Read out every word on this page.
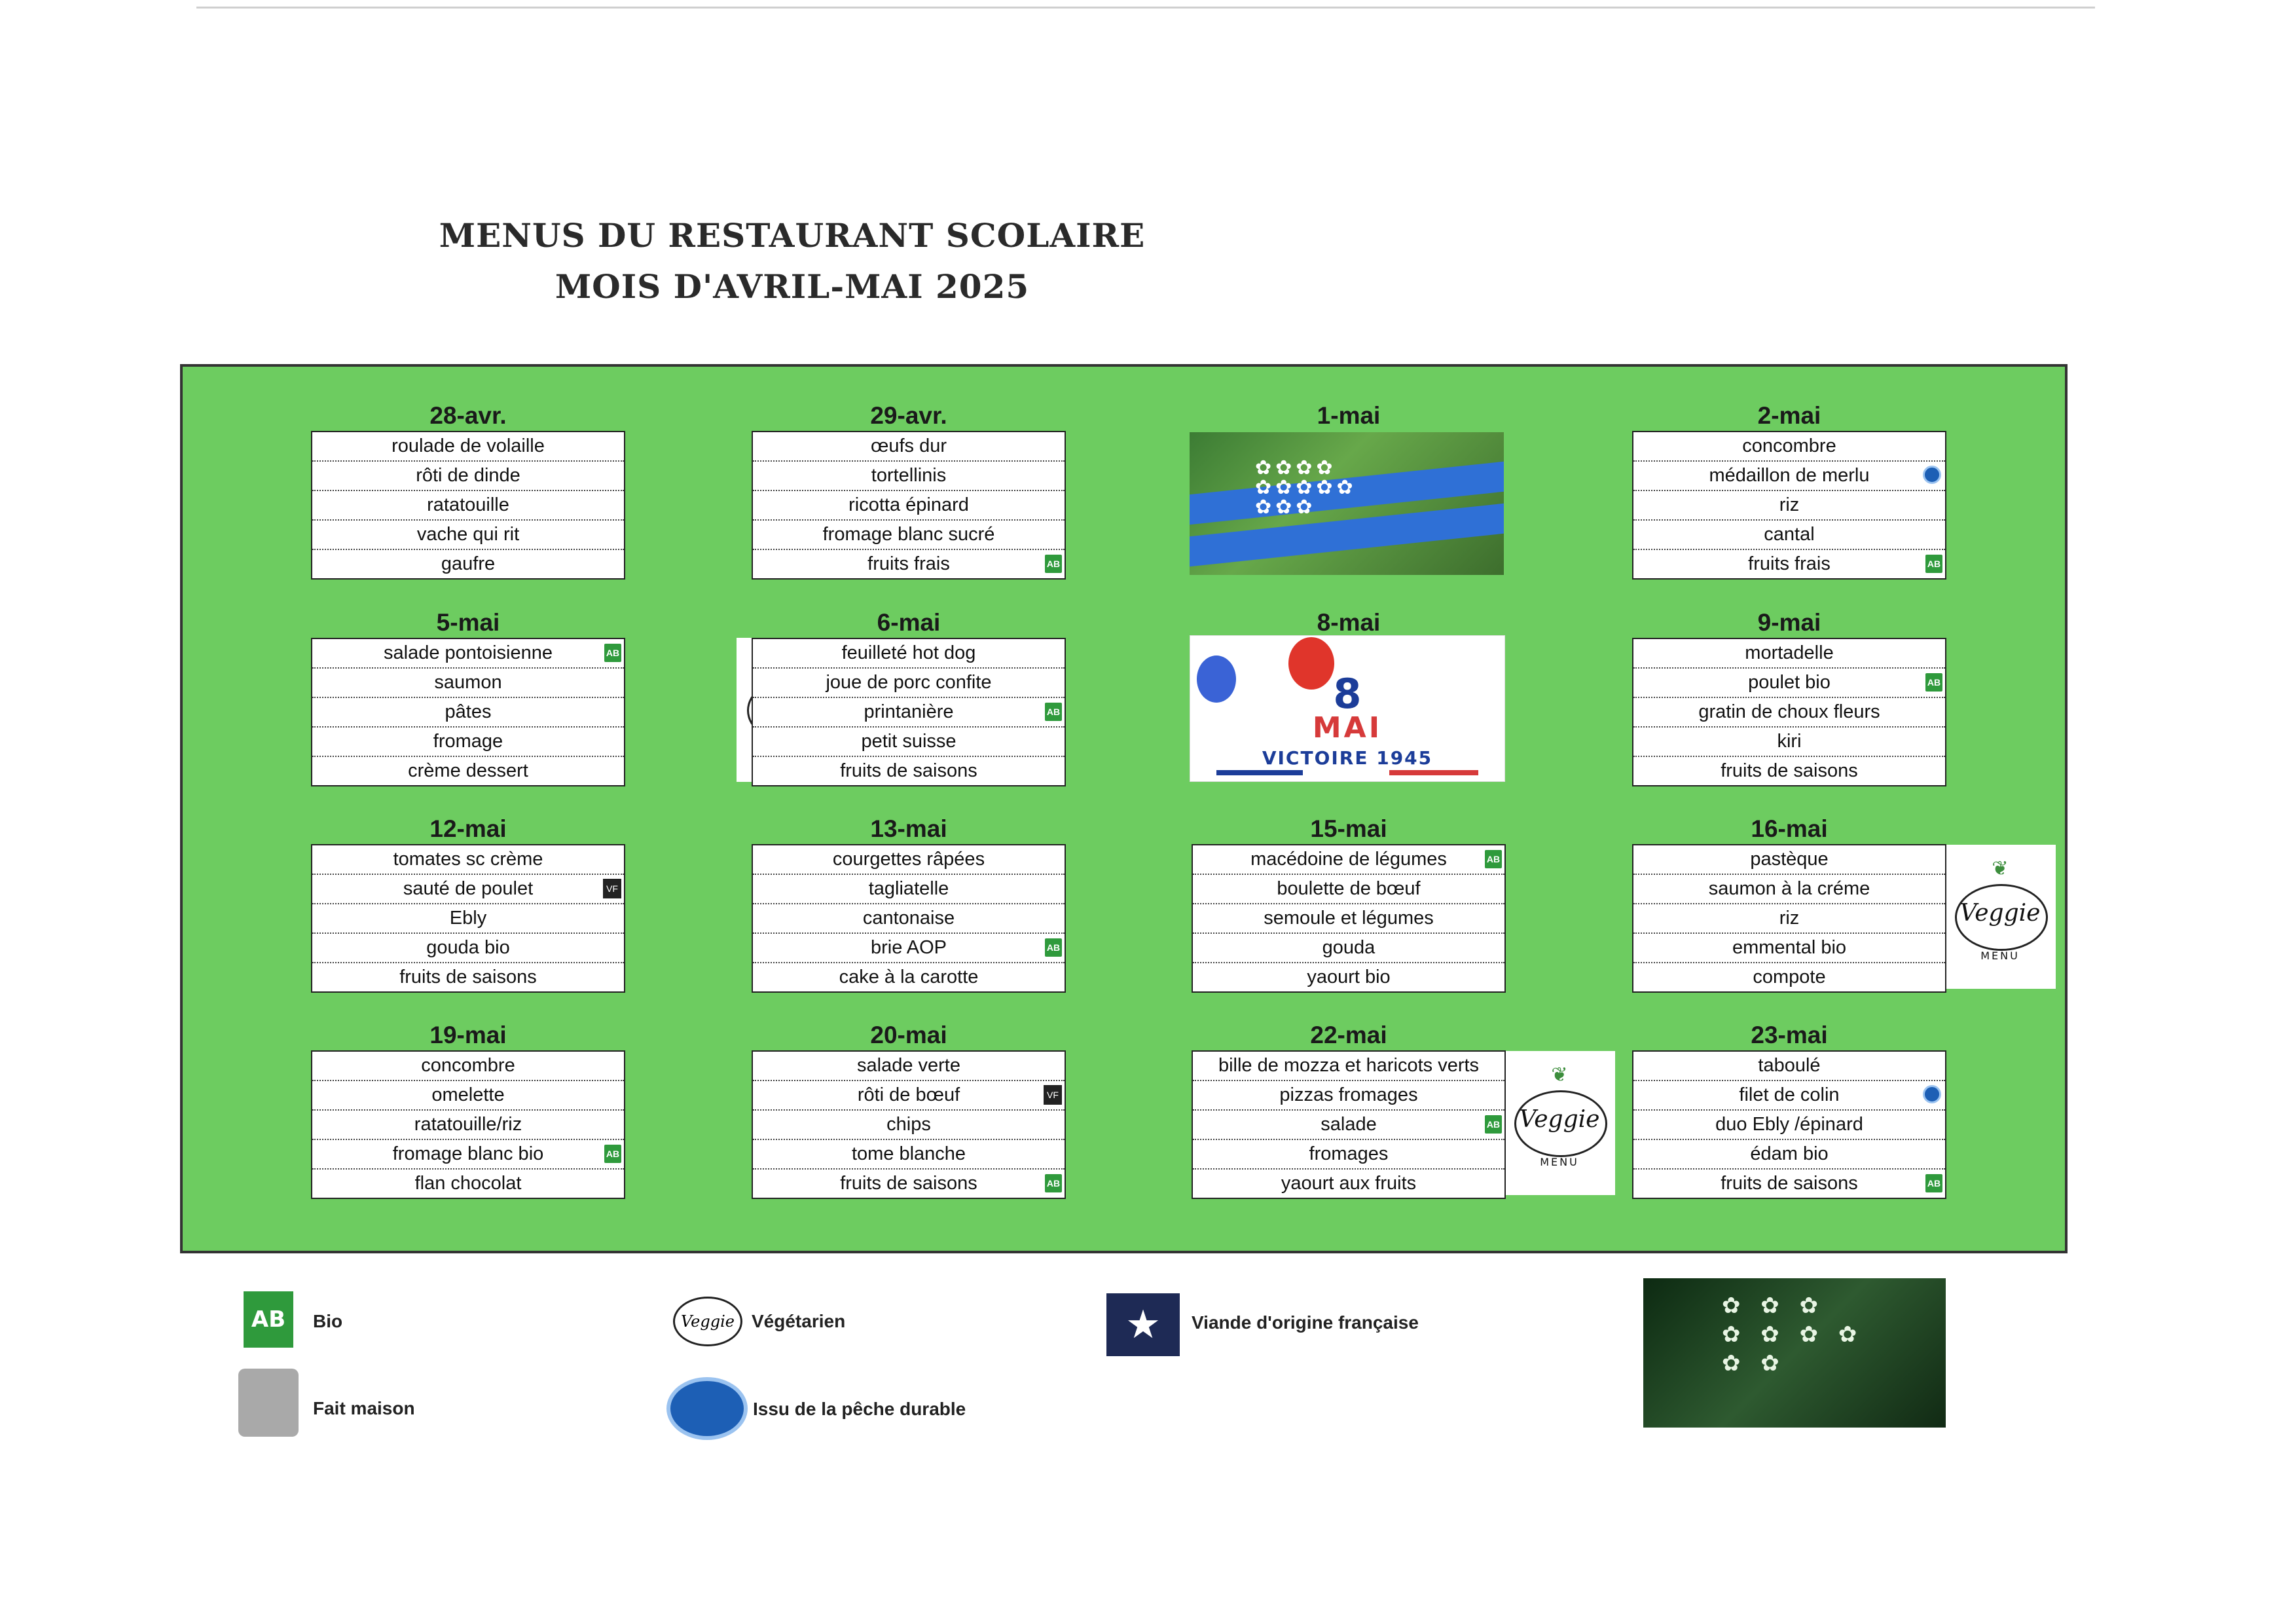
MENUS DU RESTAURANT SCOLAIRE
MOIS D'AVRIL-MAI 2025
✿✿✿✿
✿✿✿✿✿
✿✿✿
8
MAI
VICTOIRE 1945
❦
Veggie
MENU
❦
Veggie
MENU
28-avr.
roulade de volaille
rôti de dinde
ratatouille
vache qui rit
gaufre
29-avr.
œufs dur
tortellinis
ricotta épinard
fromage blanc sucré
fruits frais	AB
1-mai	2-mai
concombre
médaillon de merlu
riz
cantal
fruits frais	AB
5-mai
salade pontoisienne	AB
saumon
pâtes
fromage
crème dessert
6-mai
feuilleté hot dog
joue de porc confite
printanière	AB
petit suisse
fruits de saisons
8-mai	9-mai
mortadelle
poulet bio	AB
gratin de choux fleurs
kiri
fruits de saisons
12-mai
tomates sc crème
sauté de poulet	VF
Ebly
gouda bio
fruits de saisons
13-mai
courgettes râpées
tagliatelle
cantonaise
brie AOP	AB
cake à la carotte
15-mai
macédoine de légumes	AB
boulette de bœuf
semoule et légumes
gouda
yaourt bio
16-mai
pastèque
saumon à la créme
riz
emmental bio
compote
19-mai
concombre
omelette
ratatouille/riz
fromage blanc bio	AB
flan chocolat
20-mai
salade verte
rôti de bœuf	VF
chips
tome blanche
fruits de saisons	AB
22-mai
bille de mozza et haricots verts
pizzas fromages
salade	AB
fromages
yaourt aux fruits
23-mai
taboulé
filet de colin
duo Ebly /épinard
édam bio
fruits de saisons	AB
AB	Bio	Veggie Végétarien	★	Viande d'origine française
Fait maison	Issu de la pêche durable
✿ ✿ ✿
✿ ✿ ✿ ✿
✿ ✿
